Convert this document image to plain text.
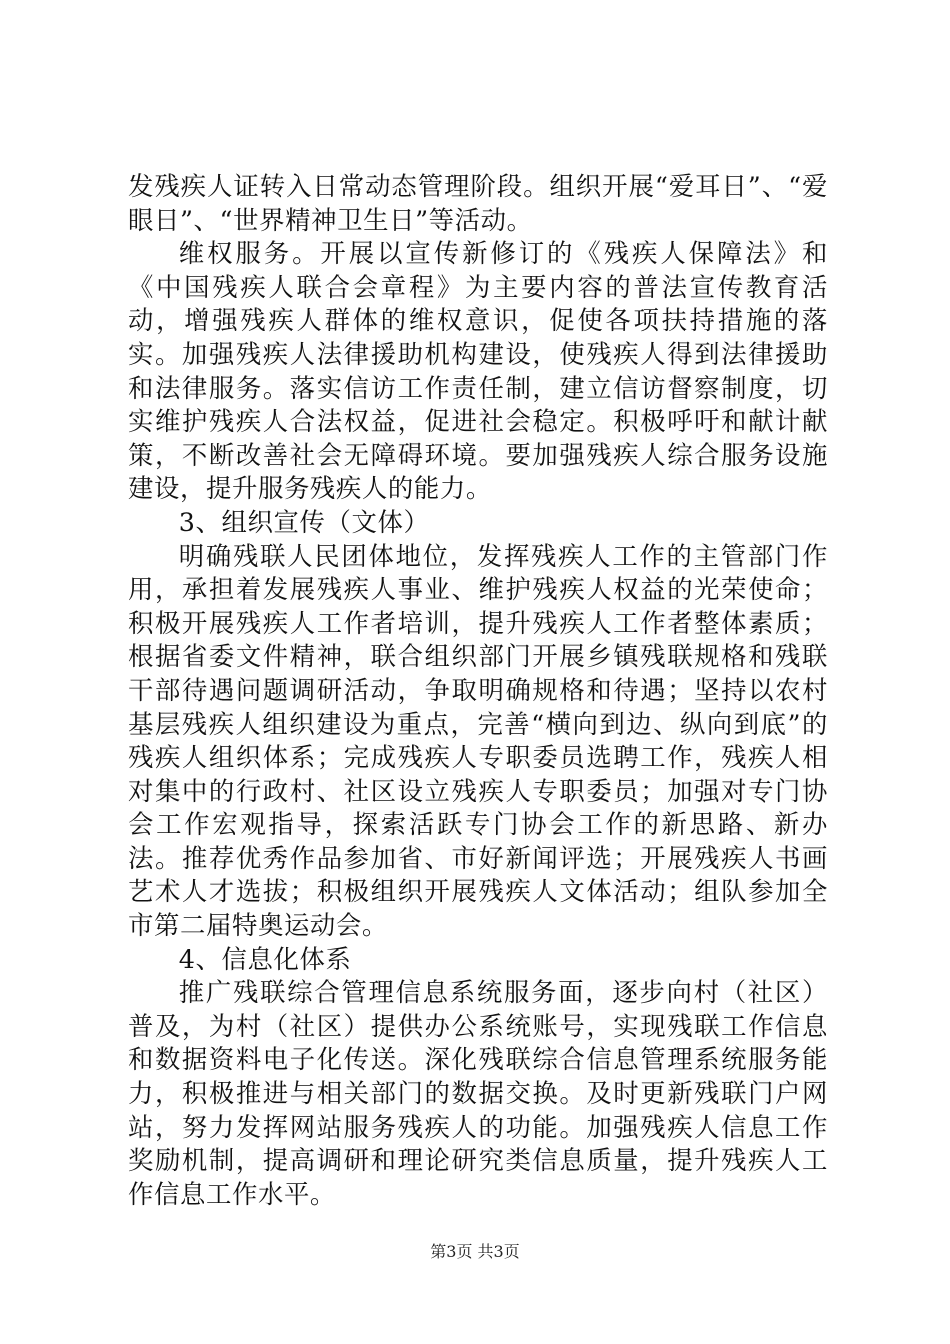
发残疾人证转入日常动态管理阶段。组织开展“爱耳日”、“爱眼日”、“世界精神卫生日”等活动。

维权服务。开展以宣传新修订的《残疾人保障法》和《中国残疾人联合会章程》为主要内容的普法宣传教育活动，增强残疾人群体的维权意识，促使各项扶持措施的落实。加强残疾人法律援助机构建设，使残疾人得到法律援助和法律服务。落实信访工作责任制，建立信访督察制度，切实维护残疾人合法权益，促进社会稳定。积极呼吁和献计献策，不断改善社会无障碍环境。要加强残疾人综合服务设施建设，提升服务残疾人的能力。

3、组织宣传（文体）

明确残联人民团体地位，发挥残疾人工作的主管部门作用，承担着发展残疾人事业、维护残疾人权益的光荣使命；积极开展残疾人工作者培训，提升残疾人工作者整体素质；根据省委文件精神，联合组织部门开展乡镇残联规格和残联干部待遇问题调研活动，争取明确规格和待遇；坚持以农村基层残疾人组织建设为重点，完善“横向到边、纵向到底”的残疾人组织体系；完成残疾人专职委员选聘工作，残疾人相对集中的行政村、社区设立残疾人专职委员；加强对专门协会工作宏观指导，探索活跃专门协会工作的新思路、新办法。推荐优秀作品参加省、市好新闻评选；开展残疾人书画艺术人才选拔；积极组织开展残疾人文体活动；组队参加全市第二届特奥运动会。

4、信息化体系

推广残联综合管理信息系统服务面，逐步向村（社区）普及，为村（社区）提供办公系统账号，实现残联工作信息和数据资料电子化传送。深化残联综合信息管理系统服务能力，积极推进与相关部门的数据交换。及时更新残联门户网站，努力发挥网站服务残疾人的功能。加强残疾人信息工作奖励机制，提高调研和理论研究类信息质量，提升残疾人工作信息工作水平。

第3页 共3页
